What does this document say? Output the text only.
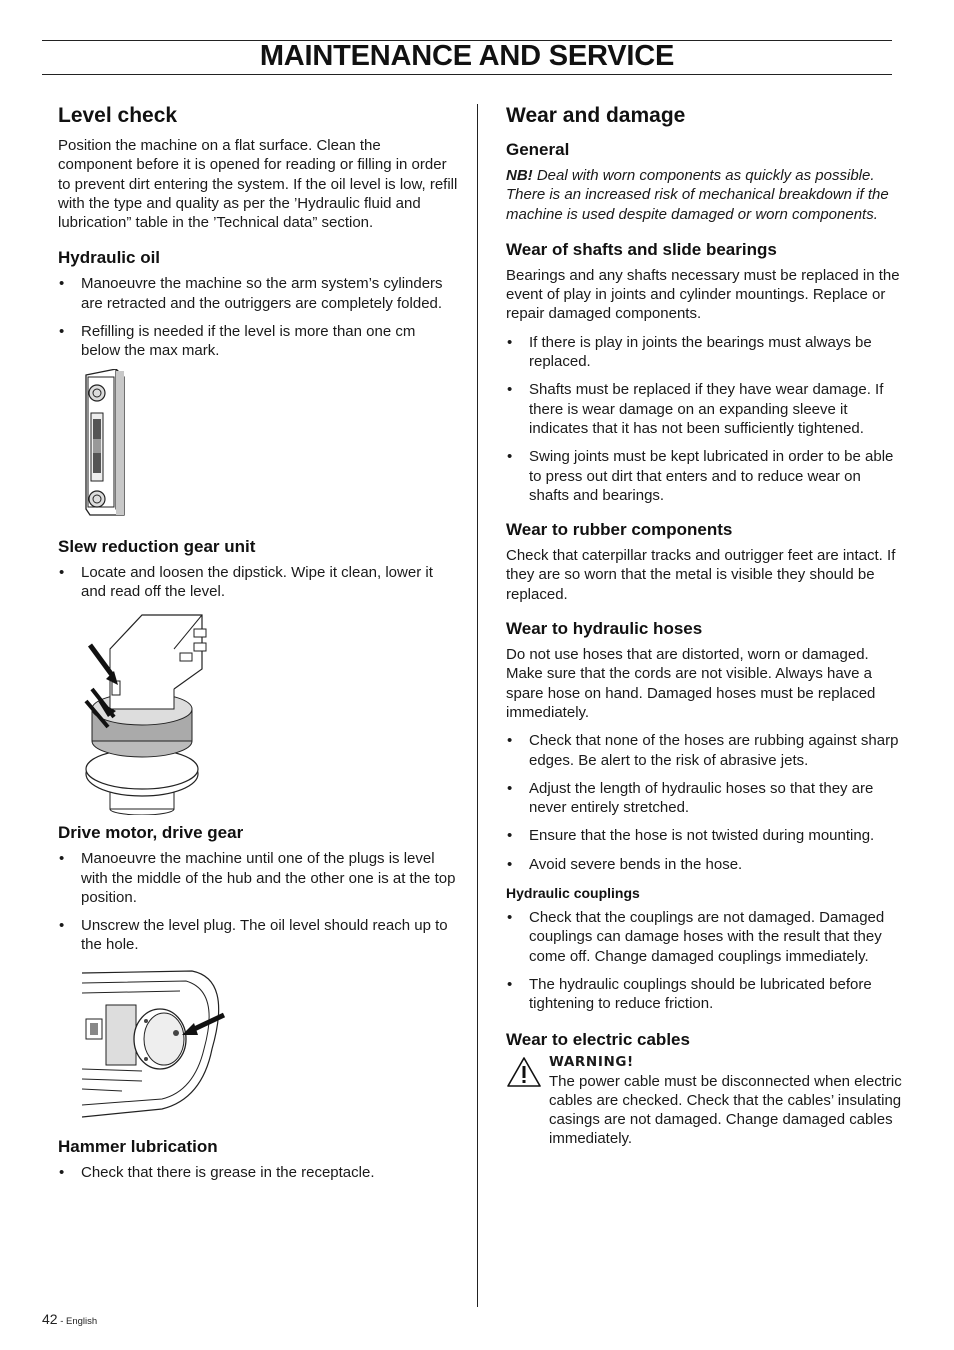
MAINTENANCE AND SERVICE
Level check

Position the machine on a flat surface. Clean the component before it is opened for reading or filling in order to prevent dirt entering the system. If the oil level is low, refill with the type and quality as per the ’Hydraulic fluid and lubrication” table in the ’Technical data” section.

Hydraulic oil
• Manoeuvre the machine so the arm system’s cylinders are retracted and the outriggers are completely folded.
• Refilling is needed if the level is more than one cm below the max mark.
Slew reduction gear unit
• Locate and loosen the dipstick. Wipe it clean, lower it and read off the level.
Drive motor, drive gear
• Manoeuvre the machine until one of the plugs is level with the middle of the hub and the other one is at the top position.
• Unscrew the level plug. The oil level should reach up to the hole.
Hammer lubrication
• Check that there is grease in the receptacle.
Wear and damage
General

NB! Deal with worn components as quickly as possible. There is an increased risk of mechanical breakdown if the machine is used despite damaged or worn components.

Wear of shafts and slide bearings

Bearings and any shafts necessary must be replaced in the event of play in joints and cylinder mountings. Replace or repair damaged components.

• If there is play in joints the bearings must always be replaced.
• Shafts must be replaced if they have wear damage. If there is wear damage on an expanding sleeve it indicates that it has not been sufficiently tightened.
• Swing joints must be kept lubricated in order to be able to press out dirt that enters and to reduce wear on shafts and bearings.
Wear to rubber components

Check that caterpillar tracks and outrigger feet are intact. If they are so worn that the metal is visible they should be replaced.

Wear to hydraulic hoses

Do not use hoses that are distorted, worn or damaged. Make sure that the cords are not visible. Always have a spare hose on hand. Damaged hoses must be replaced immediately.

• Check that none of the hoses are rubbing against sharp edges. Be alert to the risk of abrasive jets.
• Adjust the length of hydraulic hoses so that they are never entirely stretched.
• Ensure that the hose is not twisted during mounting.
• Avoid severe bends in the hose.
Hydraulic couplings
• Check that the couplings are not damaged. Damaged couplings can damage hoses with the result that they come off. Change damaged couplings immediately.
• The hydraulic couplings should be lubricated before tightening to reduce friction.
Wear to electric cables
WARNING!

The power cable must be disconnected when electric cables are checked. Check that the cables’ insulating casings are not damaged. Change damaged cables immediately.

42 - English
